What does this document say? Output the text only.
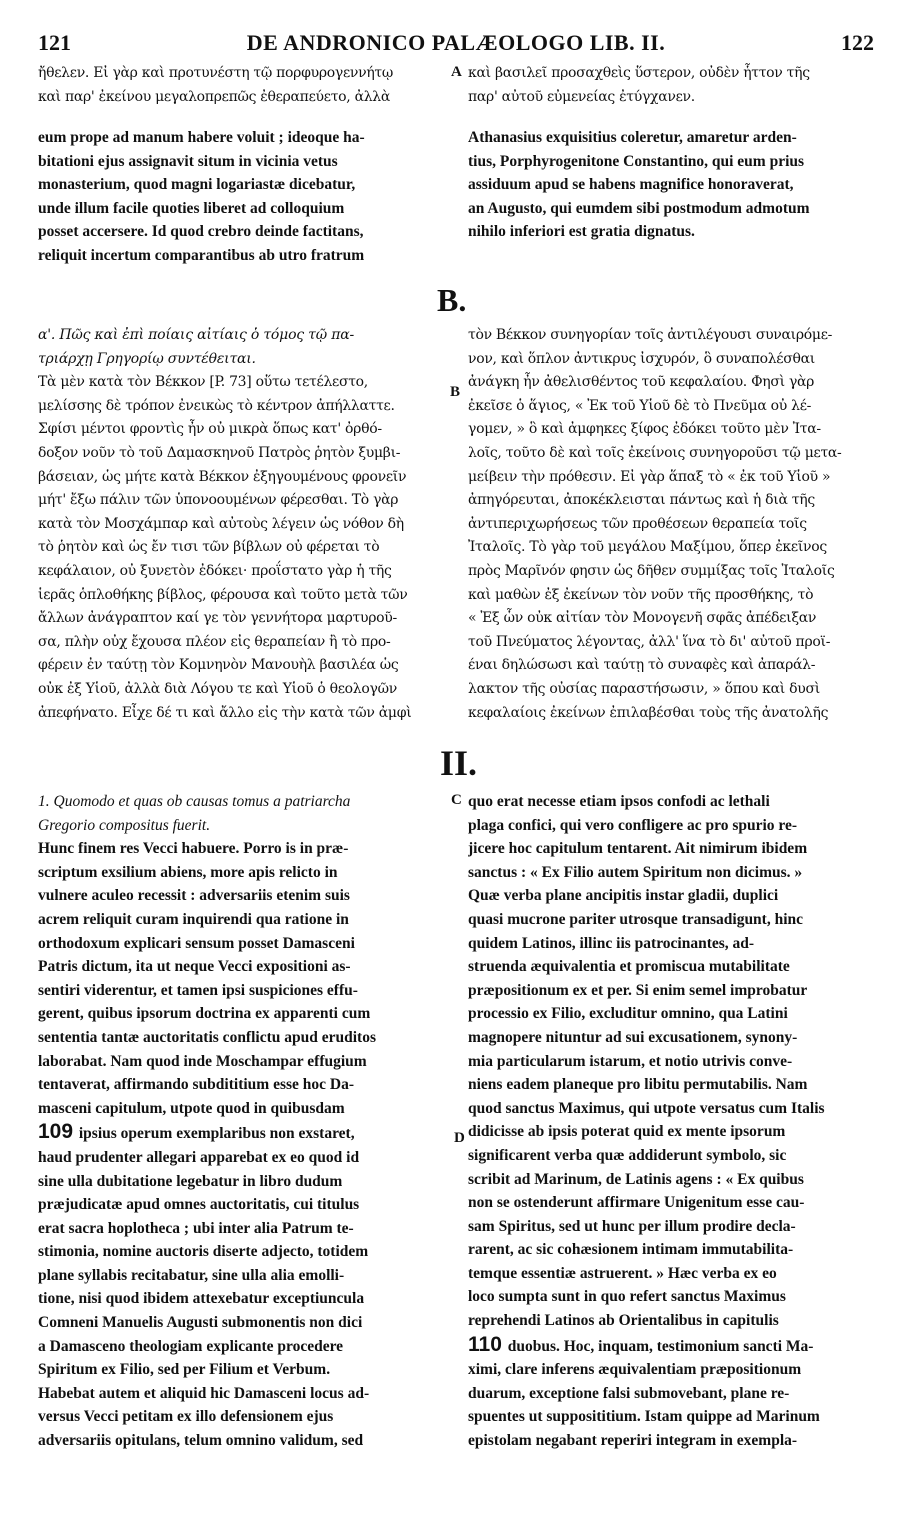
121	DE ANDRONICO PALÆOLOGO LIB. II.	122
ἤθελεν. Εἰ γὰρ καὶ προτυνέστη τῷ πορφυρογεννήτῳ
καὶ παρ' ἐκείνου μεγαλοπρεπῶς ἐθεραπεύετο, ἀλλὰ
A καὶ βασιλεῖ προσαχθεὶς ὕστερον, οὐδὲν ἧττον τῆς
παρ' αὐτοῦ εὐμενείας ἐτύγχανεν.
eum prope ad manum habere voluit ; ideoque ha-
bitationi ejus assignavit situm in vicinia vetus
monasterium, quod magni logariastæ dicebatur,
unde illum facile quoties liberet ad colloquium
posset accersere. Id quod crebro deinde factitans,
reliquit incertum comparantibus ab utro fratrum
Athanasius exquisitius coleretur, amaretur arden-
tius, Porphyrogenitone Constantino, qui eum prius
assiduum apud se habens magnifice honoraverat,
an Augusto, qui eumdem sibi postmodum admotum
nihilo inferiori est gratia dignatus.
B.
α'. Πῶς καὶ ἐπὶ ποίαις αἰτίαις ὁ τόμος τῷ πα-
τριάρχῃ Γρηγορίῳ συντέθειται.
Τὰ μὲν κατὰ τὸν Βέκκον [P. 73] οὕτω τετέλεστο,
μελίσσης δὲ τρόπον ἐνεικὼς τὸ κέντρον ἀπήλλαττε.
Σφίσι μέντοι φροντὶς ἦν οὐ μικρὰ ὅπως κατ' ὀρθό-
δοξον νοῦν τὸ τοῦ Δαμασκηνοῦ Πατρὸς ῥητὸν ξυμβι-
βάσειαν, ὡς μήτε κατὰ Βέκκον ἐξηγουμένους φρονεῖν
μήτ' ἔξω πάλιν τῶν ὑπονοουμένων φέρεσθαι. Τὸ γὰρ
κατὰ τὸν Μοσχάμπαρ καὶ αὐτοὺς λέγειν ὡς νόθον δὴ
τὸ ῥητὸν καὶ ὡς ἔν τισι τῶν βίβλων οὐ φέρεται τὸ
κεφάλαιον, οὐ ξυνετὸν ἐδόκει· προΐστατο γὰρ ἡ τῆς
ἱερᾶς ὁπλοθήκης βίβλος, φέρουσα καὶ τοῦτο μετὰ τῶν
ἄλλων ἀνάγραπτον καί γε τὸν γεννήτορα μαρτυροῦ-
σα, πλὴν οὐχ ἔχουσα πλέον εἰς θεραπείαν ἢ τὸ προ-
φέρειν ἐν ταύτῃ τὸν Κομνηνὸν Μανουὴλ βασιλέα ὡς
οὐκ ἐξ Υἱοῦ, ἀλλὰ διὰ Λόγου τε καὶ Υἱοῦ ὁ θεολογῶν
ἀπεφήνατο. Εἶχε δέ τι καὶ ἄλλο εἰς τὴν κατὰ τῶν ἀμφὶ
B
τὸν Βέκκον συνηγορίαν τοῖς ἀντιλέγουσι συναιρόμε-
νον, καὶ ὅπλον ἀντικρυς ἰσχυρόν, ὃ συναπολέσθαι
ἀνάγκη ἦν ἀθελισθέντος τοῦ κεφαλαίου. Φησὶ γὰρ
ἐκεῖσε ὁ ἅγιος, « Ἐκ τοῦ Υἱοῦ δὲ τὸ Πνεῦμα οὐ λέ-
γομεν, » ὃ καὶ ἀμφηκες ξίφος ἐδόκει τοῦτο μὲν Ἰτα-
λοῖς, τοῦτο δὲ καὶ τοῖς ἐκείνοις συνηγοροῦσι τῷ μετα-
μείβειν τὴν πρόθεσιν. Εἰ γὰρ ἅπαξ τὸ « ἐκ τοῦ Υἱοῦ »
ἀπηγόρευται, ἀποκέκλεισται πάντως καὶ ἡ διὰ τῆς
ἀντιπεριχωρήσεως τῶν προθέσεων θεραπεία τοῖς
Ἰταλοῖς. Τὸ γὰρ τοῦ μεγάλου Μαξίμου, ὅπερ ἐκεῖνος
πρὸς Μαρῖνόν φησιν ὡς δῆθεν συμμίξας τοῖς Ἰταλοῖς
καὶ μαθὼν ἐξ ἐκείνων τὸν νοῦν τῆς προσθήκης, τὸ
« Ἐξ ὧν οὐκ αἰτίαν τὸν Μονογενῆ σφᾶς ἀπέδειξαν
τοῦ Πνεύματος λέγοντας, ἀλλ' ἵνα τὸ δι' αὐτοῦ προϊ-
έναι δηλώσωσι καὶ ταύτῃ τὸ συναφὲς καὶ ἀπαράλ-
λακτον τῆς οὐσίας παραστήσωσιν, » ὅπου καὶ δυσὶ
κεφαλαίοις ἐκείνων ἐπιλαβέσθαι τοὺς τῆς ἀνατολῆς
II.
1. Quomodo et quas ob causas tomus a patriarcha
Gregorio compositus fuerit.
Hunc finem res Vecci habuere. Porro is in præ-
scriptum exsilium abiens, more apis relicto in
vulnere aculeo recessit : adversariis etenim suis
acrem reliquit curam inquirendi qua ratione in
orthodoxum explicari sensum posset Damasceni
Patris dictum, ita ut neque Vecci expositioni as-
sentiri viderentur, et tamen ipsi suspiciones effu-
gerent, quibus ipsorum doctrina ex apparenti cum
sententia tantæ auctoritatis conflictu apud eruditos
laborabat. Nam quod inde Moschampar effugium
tentaverat, affirmando subdititium esse hoc Da-
masceni capitulum, utpote quod in quibusdam
109 ipsius operum exemplaribus non exstaret,
haud prudenter allegari apparebat ex eo quod id
sine ulla dubitatione legebatur in libro dudum
præjudicatæ apud omnes auctoritatis, cui titulus
erat sacra hoplotheca ; ubi inter alia Patrum te-
stimonia, nomine auctoris diserte adjecto, totidem
plane syllabis recitabatur, sine ulla alia emolli-
tione, nisi quod ibidem attexebatur exceptiuncula
Comneni Manuelis Augusti submonentis non dici
a Damasceno theologiam explicante procedere
Spiritum ex Filio, sed per Filium et Verbum.
Habebat autem et aliquid hic Damasceni locus ad-
versus Vecci petitam ex illo defensionem ejus
adversariis opitulans, telum omnino validum, sed
C
D
quo erat necesse etiam ipsos confodi ac lethali
plaga confici, qui vero confligere ac pro spurio re-
jicere hoc capitulum tentarent. Ait nimirum ibidem
sanctus : « Ex Filio autem Spiritum non dicimus. »
Quæ verba plane ancipitis instar gladii, duplici
quasi mucrone pariter utrosque transadigunt, hinc
quidem Latinos, illinc iis patrocinantes, ad-
struenda æquivalentia et promiscua mutabilitate
præpositionum ex et per. Si enim semel improbatur
processio ex Filio, excluditur omnino, qua Latini
magnopere nituntur ad sui excusationem, synony-
mia particularum istarum, et notio utrivis conve-
niens eadem planeque pro libitu permutabilis. Nam
quod sanctus Maximus, qui utpote versatus cum Italis
didicisse ab ipsis poterat quid ex mente ipsorum
significarent verba quæ addiderunt symbolo, sic
scribit ad Marinum, de Latinis agens : « Ex quibus
non se ostenderunt affirmare Unigenitum esse cau-
sam Spiritus, sed ut hunc per illum prodire decla-
rarent, ac sic cohæsionem intimam immutabilita-
temque essentiæ astruerent. » Hæc verba ex eo
loco sumpta sunt in quo refert sanctus Maximus
reprehendi Latinos ab Orientalibus in capitulis
110 duobus. Hoc, inquam, testimonium sancti Ma-
ximi, clare inferens æquivalentiam præpositionum
duarum, exceptione falsi submovebant, plane re-
spuentes ut supposititium. Istam quippe ad Marinum
epistolam negabant reperiri integram in exempla-
